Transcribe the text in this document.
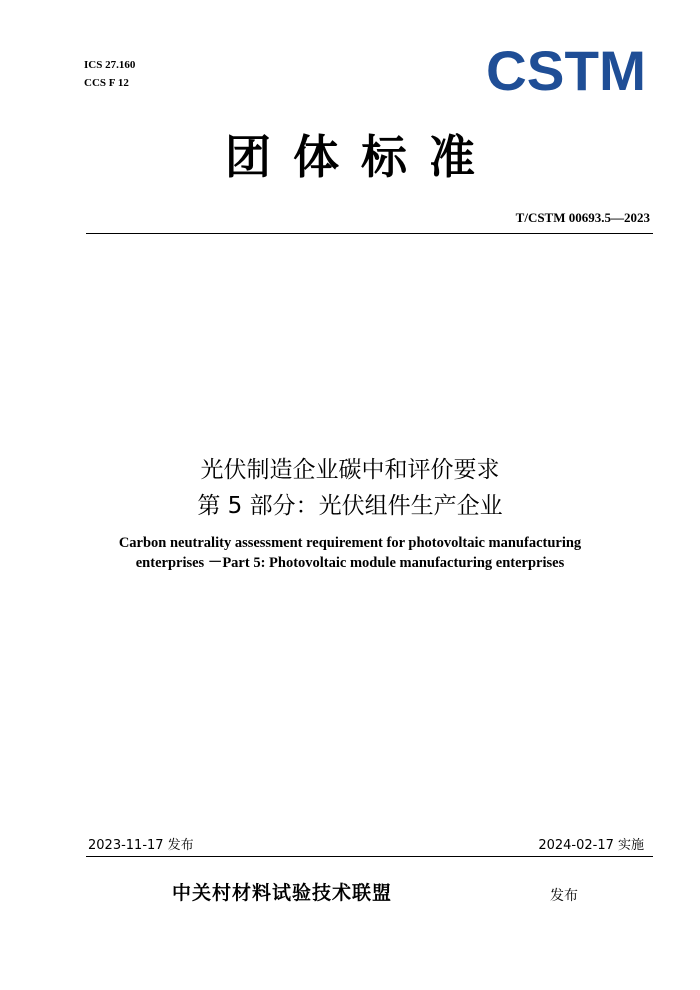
ICS 27.160
CCS F 12	CSTM
团体标准
T/CSTM 00693.5—2023
光伏制造企业碳中和评价要求
第 5 部分：光伏组件生产企业
Carbon neutrality assessment requirement for photovoltaic manufacturing
enterprises －Part 5: Photovoltaic module manufacturing enterprises
2023-11-17 发布	2024-02-17 实施
中关村材料试验技术联盟	发布
